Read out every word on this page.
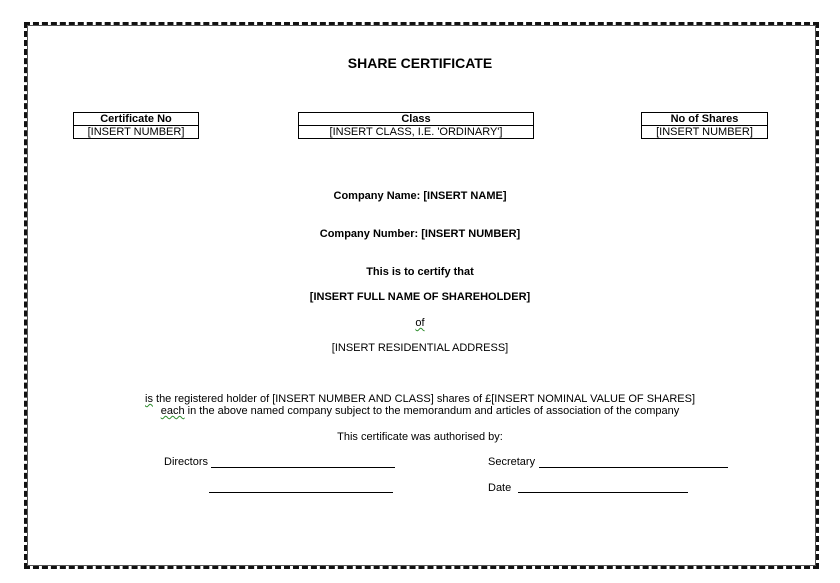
SHARE CERTIFICATE
Certificate No
[INSERT NUMBER]
Class
[INSERT CLASS, I.E. 'ORDINARY']
No of Shares
[INSERT NUMBER]
Company Name: [INSERT NAME]
Company Number: [INSERT NUMBER]
This is to certify that
[INSERT FULL NAME OF SHAREHOLDER]
of
[INSERT RESIDENTIAL ADDRESS]
is the registered holder of [INSERT NUMBER AND CLASS] shares of £[INSERT NOMINAL VALUE OF SHARES]
each in the above named company subject to the memorandum and articles of association of the company
This certificate was authorised by:
Directors	Secretary
Date
